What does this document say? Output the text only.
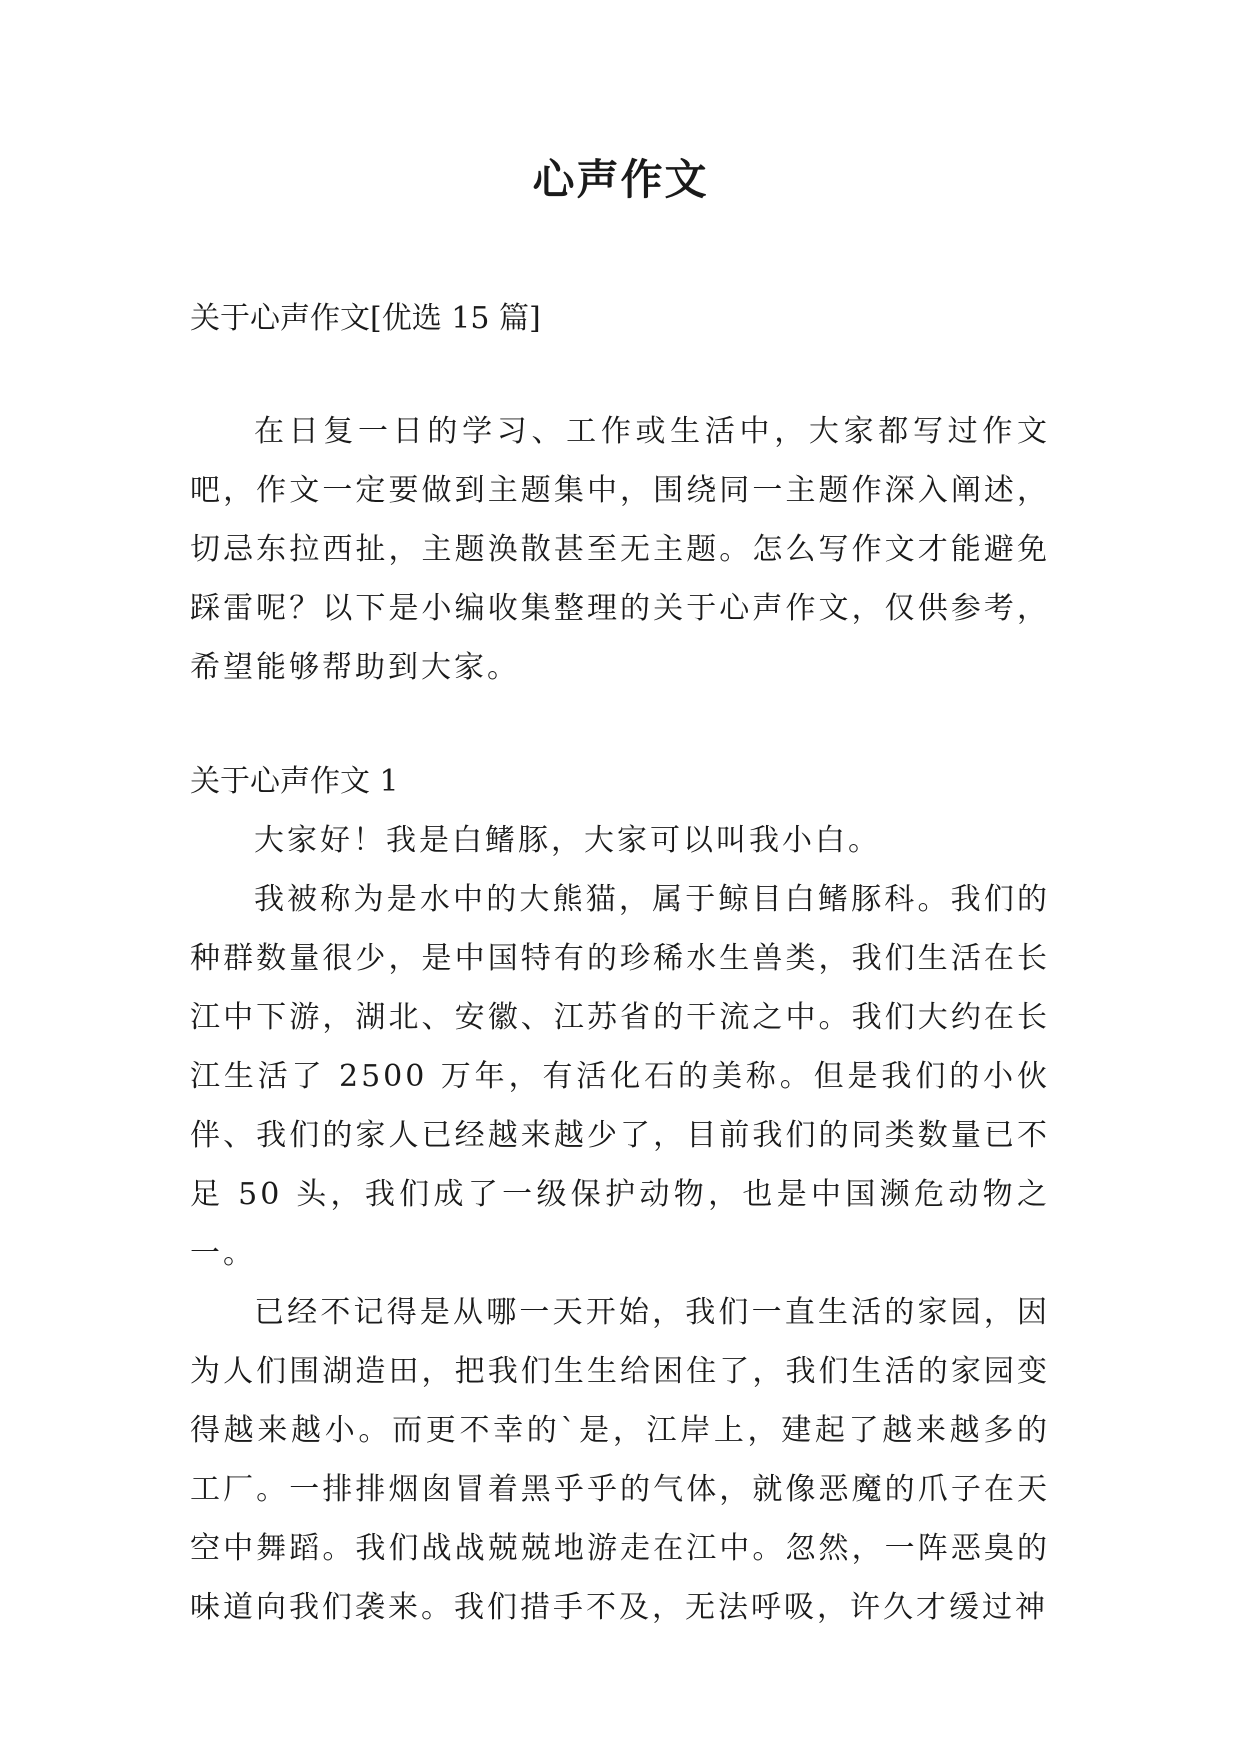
心声作文
关于心声作文[优选 15 篇]

在日复一日的学习、工作或生活中，大家都写过作文吧，作文一定要做到主题集中，围绕同一主题作深入阐述，切忌东拉西扯，主题涣散甚至无主题。怎么写作文才能避免踩雷呢？以下是小编收集整理的关于心声作文，仅供参考，希望能够帮助到大家。

关于心声作文 1

大家好！我是白鳍豚，大家可以叫我小白。

我被称为是水中的大熊猫，属于鲸目白鳍豚科。我们的种群数量很少，是中国特有的珍稀水生兽类，我们生活在长江中下游，湖北、安徽、江苏省的干流之中。我们大约在长江生活了 2500 万年，有活化石的美称。但是我们的小伙伴、我们的家人已经越来越少了，目前我们的同类数量已不足 50 头，我们成了一级保护动物，也是中国濒危动物之一。

已经不记得是从哪一天开始，我们一直生活的家园，因为人们围湖造田，把我们生生给困住了，我们生活的家园变得越来越小。而更不幸的`是，江岸上，建起了越来越多的工厂。一排排烟囱冒着黑乎乎的气体，就像恶魔的爪子在天空中舞蹈。我们战战兢兢地游走在江中。忽然，一阵恶臭的味道向我们袭来。我们措手不及，无法呼吸，许久才缓过神
